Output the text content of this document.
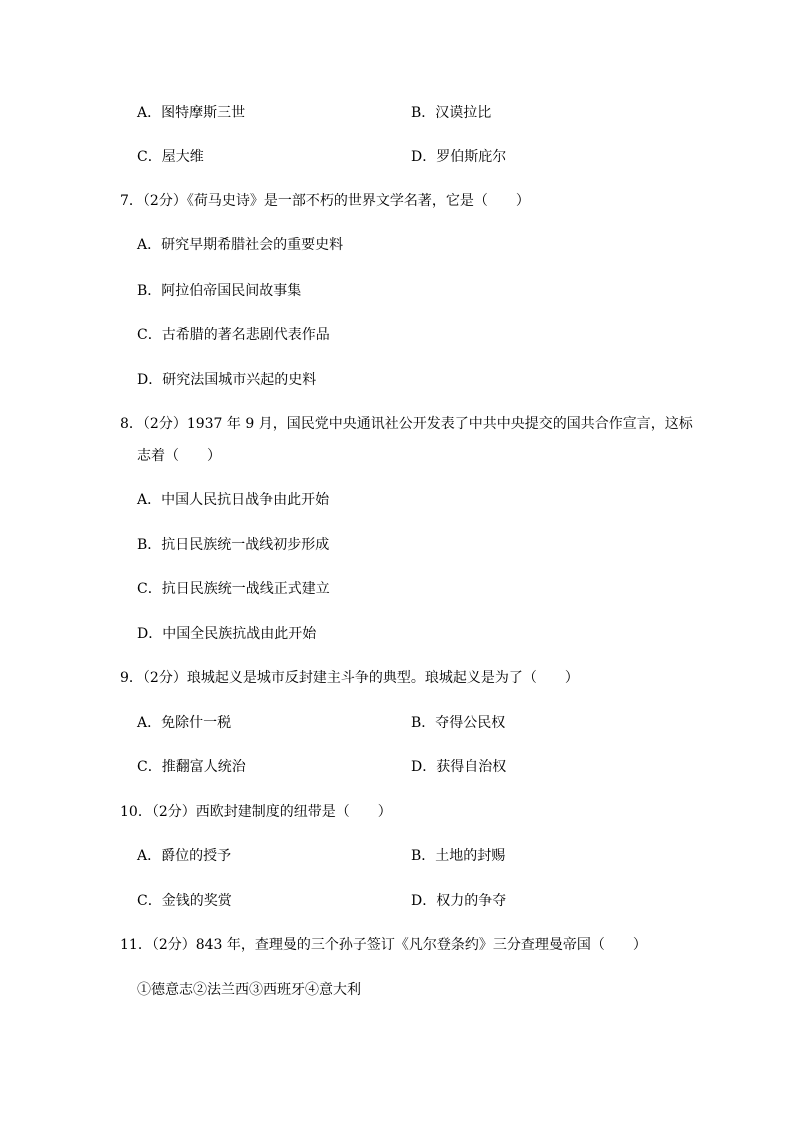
A．图特摩斯三世	B．汉谟拉比
C．屋大维	D．罗伯斯庇尔
7．（2分）《荷马史诗》是一部不朽的世界文学名著，它是（　　）
A．研究早期希腊社会的重要史料
B．阿拉伯帝国民间故事集
C．古希腊的著名悲剧代表作品
D．研究法国城市兴起的史料
8．（2分）1937 年 9 月，国民党中央通讯社公开发表了中共中央提交的国共合作宣言，这标
志着（　　）
A．中国人民抗日战争由此开始
B．抗日民族统一战线初步形成
C．抗日民族统一战线正式建立
D．中国全民族抗战由此开始
9．（2分）琅城起义是城市反封建主斗争的典型。琅城起义是为了（　　）
A．免除什一税	B．夺得公民权
C．推翻富人统治	D．获得自治权
10．（2分）西欧封建制度的纽带是（　　）
A．爵位的授予	B．土地的封赐
C．金钱的奖赏	D．权力的争夺
11．（2分）843 年，查理曼的三个孙子签订《凡尔登条约》三分查理曼帝国（　　）
①德意志②法兰西③西班牙④意大利
